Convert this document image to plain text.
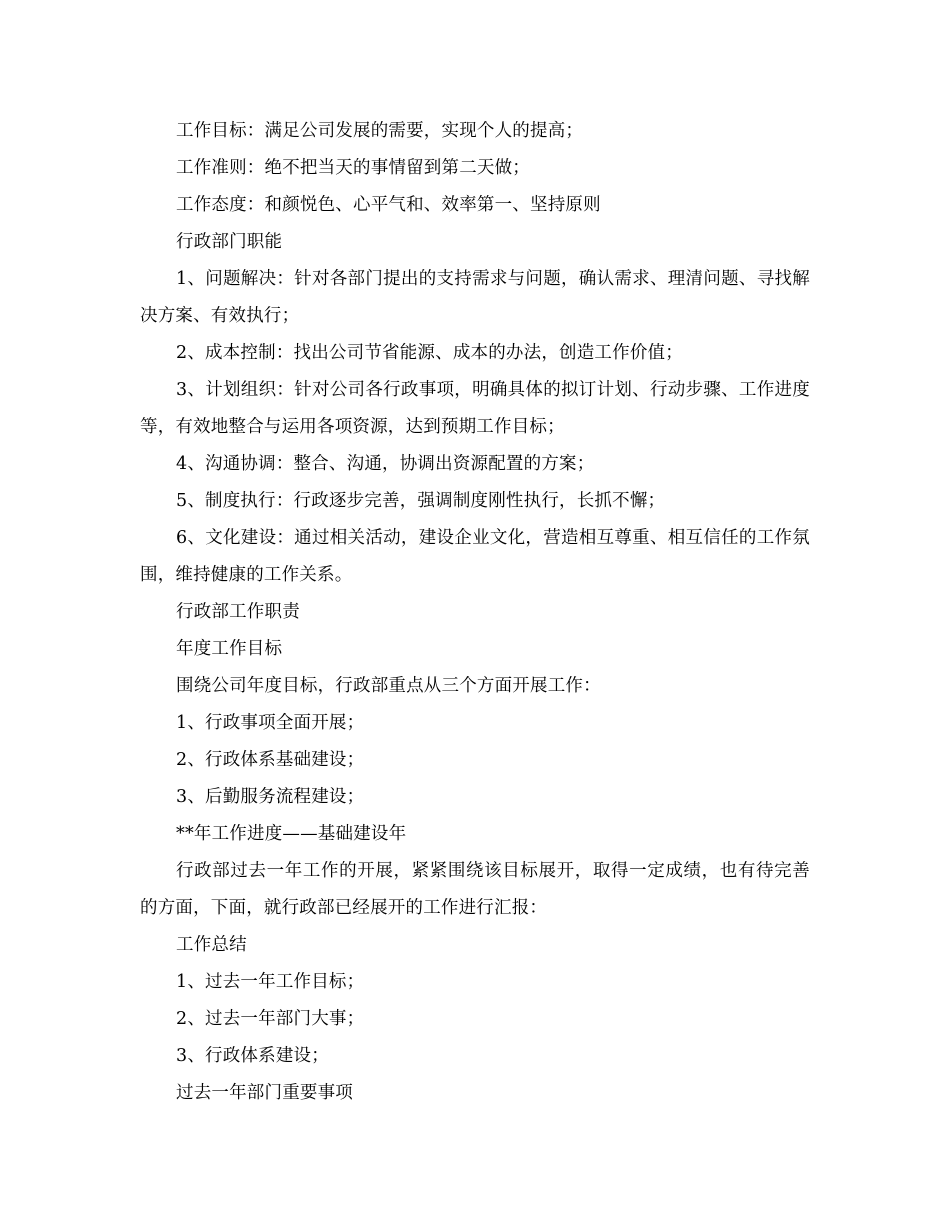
工作目标：满足公司发展的需要，实现个人的提高；

工作准则：绝不把当天的事情留到第二天做；

工作态度：和颜悦色、心平气和、效率第一、坚持原则

行政部门职能

1、问题解决：针对各部门提出的支持需求与问题，确认需求、理清问题、寻找解决方案、有效执行；

2、成本控制：找出公司节省能源、成本的办法，创造工作价值；

3、计划组织：针对公司各行政事项，明确具体的拟订计划、行动步骤、工作进度等，有效地整合与运用各项资源，达到预期工作目标；

4、沟通协调：整合、沟通，协调出资源配置的方案；

5、制度执行：行政逐步完善，强调制度刚性执行，长抓不懈；

6、文化建设：通过相关活动，建设企业文化，营造相互尊重、相互信任的工作氛围，维持健康的工作关系。

行政部工作职责

年度工作目标

围绕公司年度目标，行政部重点从三个方面开展工作：

1、行政事项全面开展；

2、行政体系基础建设；

3、后勤服务流程建设；

**年工作进度——基础建设年

行政部过去一年工作的开展，紧紧围绕该目标展开，取得一定成绩，也有待完善的方面，下面，就行政部已经展开的工作进行汇报：

工作总结

1、过去一年工作目标；

2、过去一年部门大事；

3、行政体系建设；

过去一年部门重要事项
